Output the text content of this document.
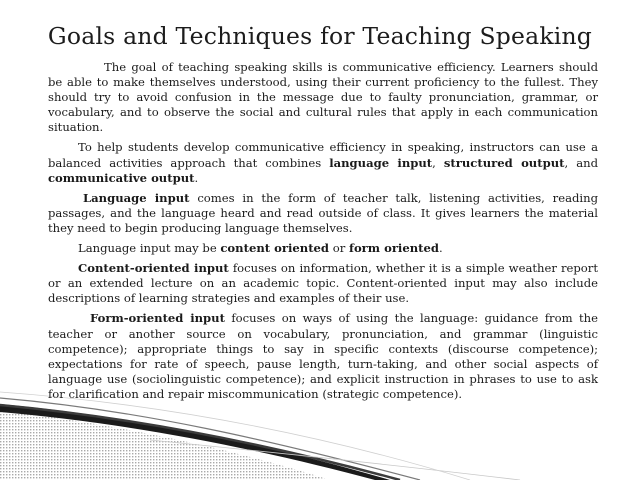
Goals and Techniques for Teaching Speaking

The goal of teaching speaking skills is communicative efficiency. Learners should be able to make themselves understood, using their current proficiency to the fullest. They should try to avoid confusion in the message due to faulty pronunciation, grammar, or vocabulary, and to observe the social and cultural rules that apply in each communication situation.

To help students develop communicative efficiency in speaking, instructors can use a balanced activities approach that combines language input, structured output, and communicative output.

Language input comes in the form of teacher talk, listening activities, reading passages, and the language heard and read outside of class. It gives learners the material they need to begin producing language themselves.

Language input may be content oriented or form oriented.

Content-oriented input focuses on information, whether it is a simple weather report or an extended lecture on an academic topic. Content-oriented input may also include descriptions of learning strategies and examples of their use.

Form-oriented input focuses on ways of using the language: guidance from the teacher or another source on vocabulary, pronunciation, and grammar (linguistic competence); appropriate things to say in specific contexts (discourse competence); expectations for rate of speech, pause length, turn-taking, and other social aspects of language use (sociolinguistic competence); and explicit instruction in phrases to use to ask for clarification and repair miscommunication (strategic competence).
